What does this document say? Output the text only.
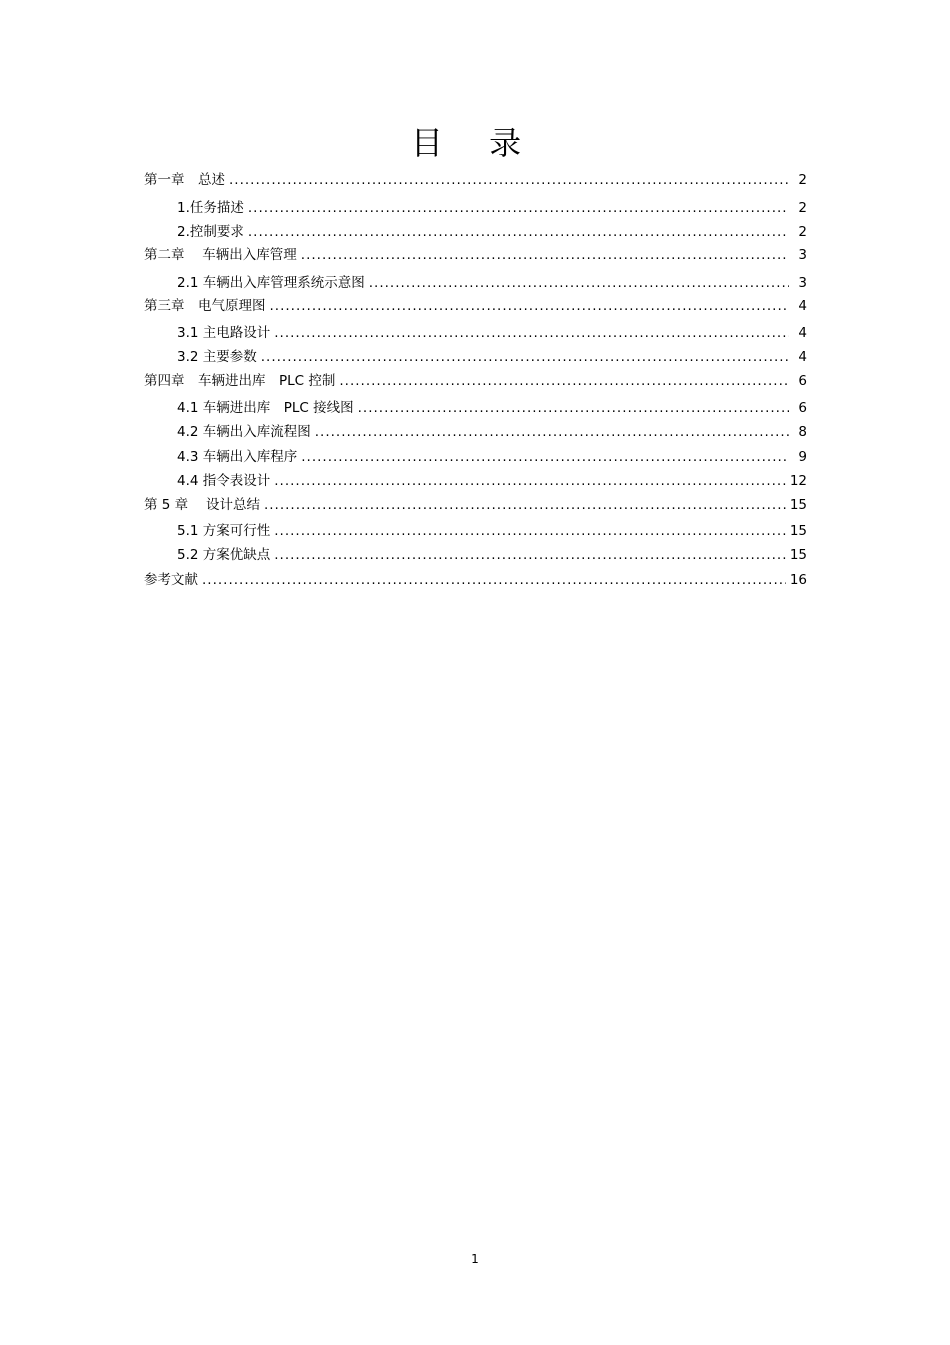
目 录
第一章　总述 .....	2
1.任务描述 .....	2
2.控制要求 .....	2
第二章　 车辆出入库管理 .....	3
2.1 车辆出入库管理系统示意图 .....	3
第三章　电气原理图 .....	4
3.1 主电路设计 .....	4
3.2 主要参数 .....	4
第四章　车辆进出库　PLC 控制 .....	6
4.1 车辆进出库　PLC 接线图 .....	6
4.2 车辆出入库流程图 .....	8
4.3 车辆出入库程序 .....	9
4.4 指令表设计 .....	12
第 5 章　 设计总结 .....	15
5.1 方案可行性 .....	15
5.2 方案优缺点 .....	15
参考文献 .....	16
1
